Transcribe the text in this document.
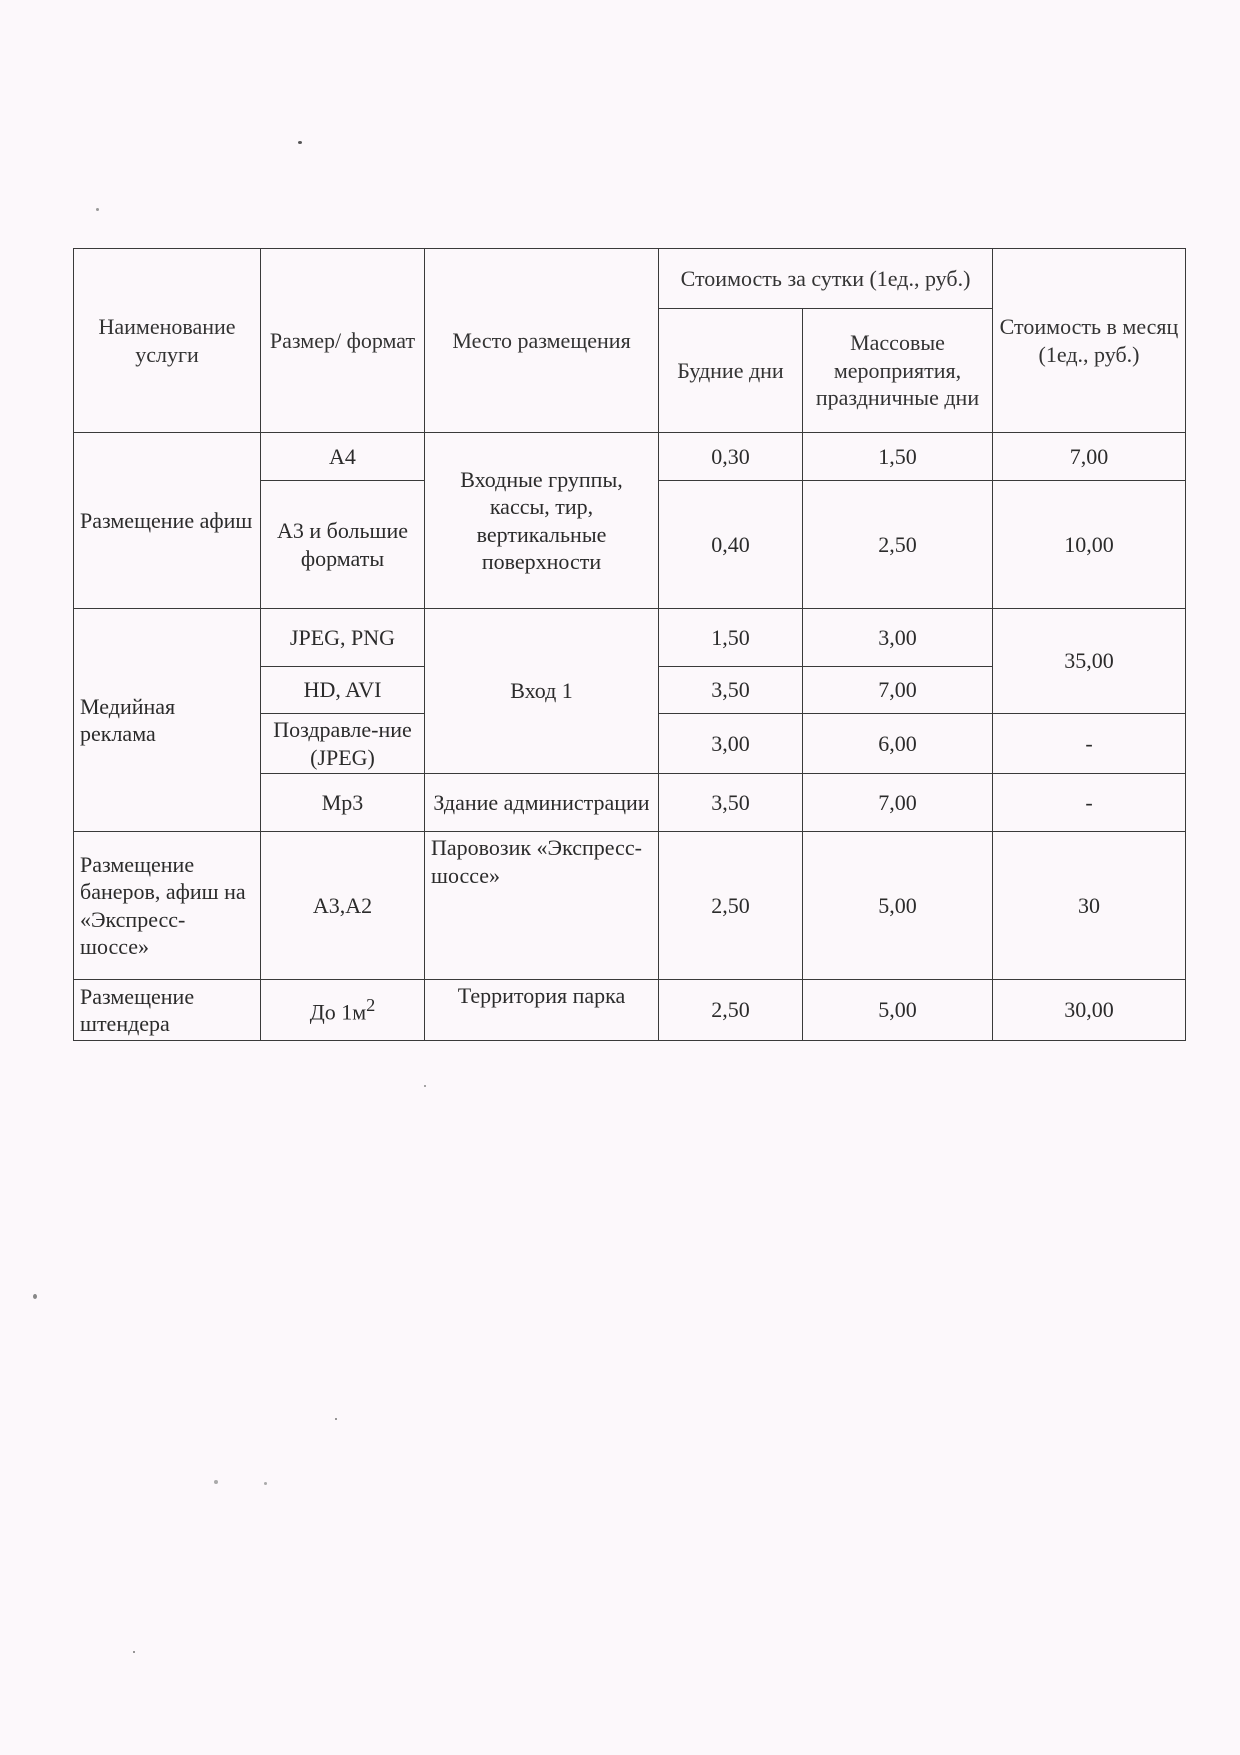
Наименование услуги	Размер/ формат	Место размещения	Стоимость за сутки (1ед., руб.)		Стоимость в месяц (1ед., руб.)
			Будние дни	Массовые мероприятия, праздничные дни	
Размещение афиш	А4	Входные группы, кассы, тир, вертикальные поверхности	0,30	1,50	7,00
	А3 и большие форматы		0,40	2,50	10,00
Медийная реклама	JPEG, PNG	Вход 1	1,50	3,00	35,00
	HD, AVI		3,50	7,00	
	Поздравле-ние (JPEG)		3,00	6,00	-
	Mp3	Здание администрации	3,50	7,00	-
Размещение банеров, афиш на «Экспресс-шоссе»	А3,А2	Паровозик «Экспресс-шоссе»	2,50	5,00	30
Размещение штендера	До $1м^2$	Территория парка	2,50	5,00	30,00
